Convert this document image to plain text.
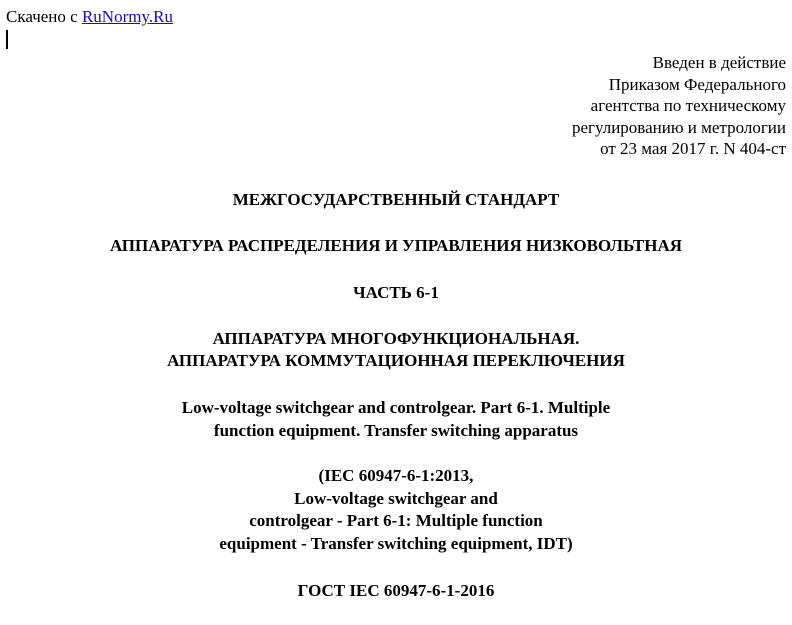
Скачено с RuNormy.Ru
Введен в действие
Приказом Федерального
агентства по техническому
регулированию и метрологии
от 23 мая 2017 г. N 404-ст
МЕЖГОСУДАРСТВЕННЫЙ СТАНДАРТ
АППАРАТУРА РАСПРЕДЕЛЕНИЯ И УПРАВЛЕНИЯ НИЗКОВОЛЬТНАЯ
ЧАСТЬ 6-1
АППАРАТУРА МНОГОФУНКЦИОНАЛЬНАЯ.
АППАРАТУРА КОММУТАЦИОННАЯ ПЕРЕКЛЮЧЕНИЯ
Low-voltage switchgear and controlgear. Part 6-1. Multiple
function equipment. Transfer switching apparatus
(IEC 60947-6-1:2013,
Low-voltage switchgear and
controlgear - Part 6-1: Multiple function
equipment - Transfer switching equipment, IDT)
ГОСТ IEC 60947-6-1-2016
